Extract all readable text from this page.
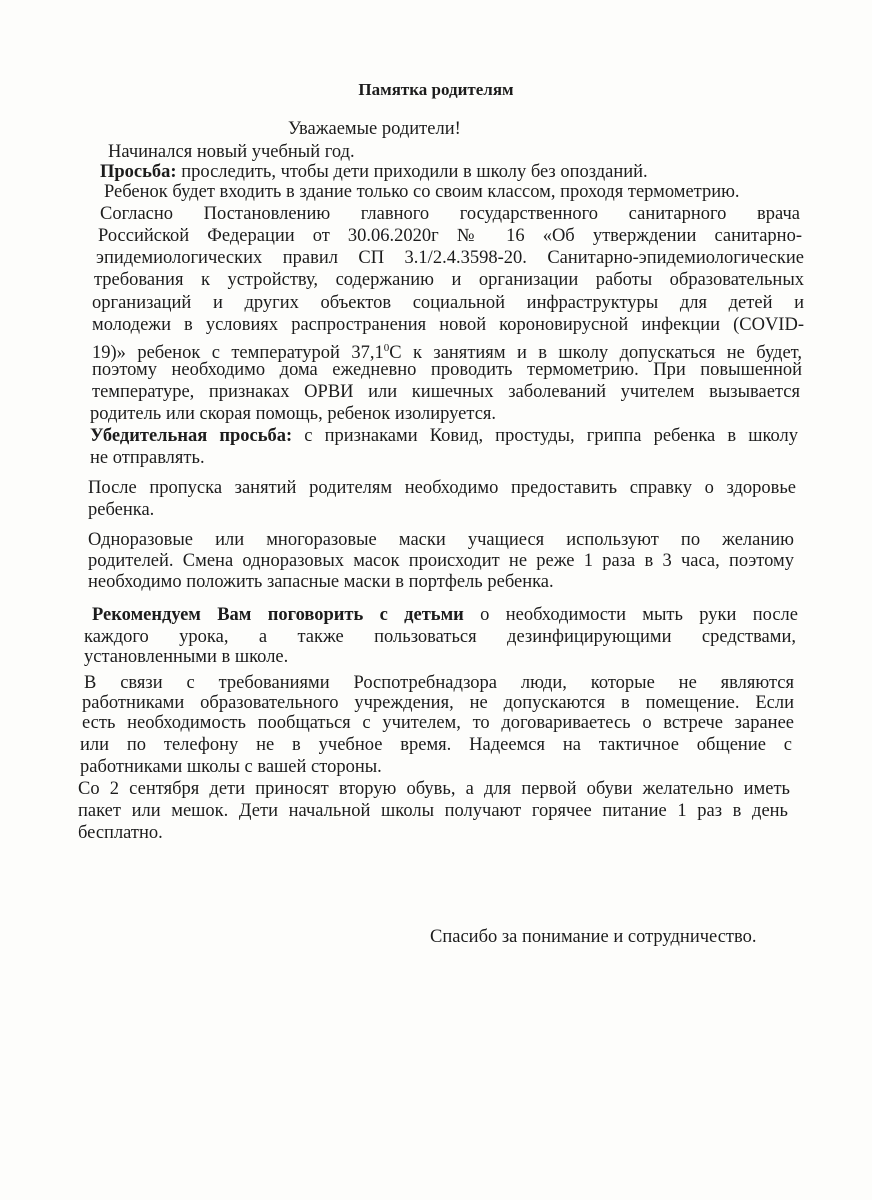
Памятка родителям
Уважаемые родители!
Начинался новый учебный год.
Просьба: проследить, чтобы дети приходили в школу без опозданий.
Ребенок будет входить в здание только со своим классом, проходя термометрию.
Согласно Постановлению главного государственного санитарного врача
Российской Федерации от 30.06.2020г № 16 «Об утверждении санитарно-
эпидемиологических правил СП 3.1/2.4.3598-20. Санитарно-эпидемиологические
требования к устройству, содержанию и организации работы образовательных
организаций и других объектов социальной инфраструктуры для детей и
молодежи в условиях распространения новой короновирусной инфекции (COVID-
19)» ребенок с температурой 37,1$^0$С к занятиям и в школу допускаться не будет,
поэтому необходимо дома ежедневно проводить термометрию. При повышенной
температуре, признаках ОРВИ или кишечных заболеваний учителем вызывается
родитель или скорая помощь, ребенок изолируется.
Убедительная просьба: с признаками Ковид, простуды, гриппа ребенка в школу
не отправлять.
После пропуска занятий родителям необходимо предоставить справку о здоровье
ребенка.
Одноразовые или многоразовые маски учащиеся используют по желанию
родителей. Смена одноразовых масок происходит не реже 1 раза в 3 часа, поэтому
необходимо положить запасные маски в портфель ребенка.
Рекомендуем Вам поговорить с детьми о необходимости мыть руки после
каждого урока, а также пользоваться дезинфицирующими средствами,
установленными в школе.
В связи с требованиями Роспотребнадзора люди, которые не являются
работниками образовательного учреждения, не допускаются в помещение. Если
есть необходимость пообщаться с учителем, то договариваетесь о встрече заранее
или по телефону не в учебное время. Надеемся на тактичное общение с
работниками школы с вашей стороны.
Со 2 сентября дети приносят вторую обувь, а для первой обуви желательно иметь
пакет или мешок. Дети начальной школы получают горячее питание 1 раз в день
бесплатно.
Спасибо за понимание и сотрудничество.
